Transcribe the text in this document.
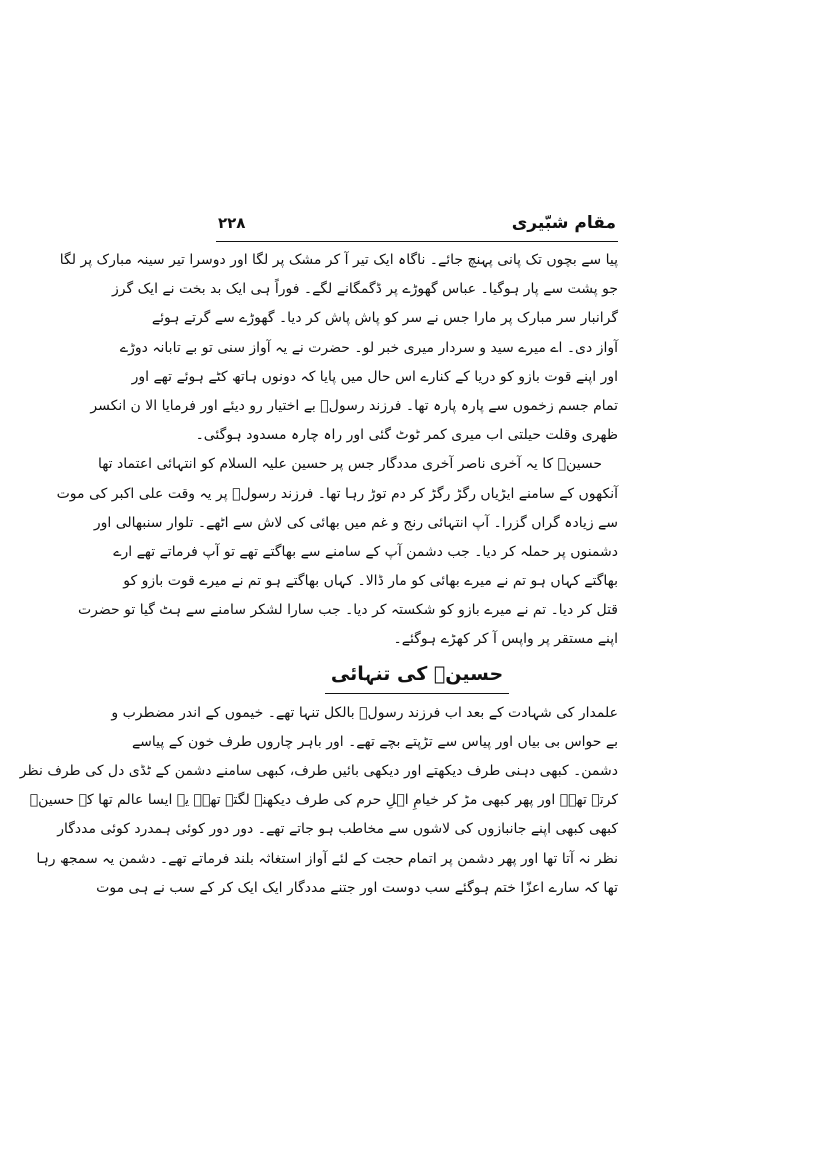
مقام شبّیری
۲۲۸
پیا سے بچوں تک پانی پہنچ جائے۔ ناگاہ ایک تیر آ کر مشک پر لگا اور دوسرا تیر سینہ مبارک پر لگا
جو پشت سے پار ہوگیا۔ عباس گھوڑے پر ڈگمگانے لگے۔ فوراً ہی ایک بد بخت نے ایک گرز
گرانبار سر مبارک پر مارا جس نے سر کو پاش پاش کر دیا۔ گھوڑے سے گرتے ہوئے
آواز دی۔ اے میرے سید و سردار میری خبر لو۔ حضرت نے یہ آواز سنی تو بے تابانہ دوڑے
اور اپنے قوت بازو کو دریا کے کنارے اس حال میں پایا کہ دونوں ہاتھ کٹے ہوئے تھے اور
تمام جسم زخموں سے پارہ پارہ تھا۔ فرزند رسولؐ بے اختیار رو دیئے اور فرمایا الا ن انکسر
ظهری وقلت حیلتی اب میری کمر ٹوٹ گئی اور راہ چارہ مسدود ہوگئی۔
حسینؑ کا یہ آخری ناصر آخری مددگار جس پر حسین علیہ السلام کو انتہائی اعتماد تھا
آنکھوں کے سامنے ایڑیاں رگڑ رگڑ کر دم توڑ رہا تھا۔ فرزند رسولؐ پر یہ وقت علی اکبر کی موت
سے زیادہ گراں گزرا۔ آپ انتہائی رنج و غم میں بھائی کی لاش سے اٹھے۔ تلوار سنبھالی اور
دشمنوں پر حملہ کر دیا۔ جب دشمن آپ کے سامنے سے بھاگتے تھے تو آپ فرماتے تھے ارے
بھاگتے کہاں ہو تم نے میرے بھائی کو مار ڈالا۔ کہاں بھاگتے ہو تم نے میرے قوت بازو کو
قتل کر دیا۔ تم نے میرے بازو کو شکستہ کر دیا۔ جب سارا لشکر سامنے سے ہٹ گیا تو حضرت
اپنے مستقر پر واپس آ کر کھڑے ہوگئے۔
حسینؑ کی تنہائی
علمدار کی شہادت کے بعد اب فرزند رسولؐ بالکل تنہا تھے۔ خیموں کے اندر مضطرب و
بے حواس بی بیاں اور پیاس سے تڑپتے بچے تھے۔ اور باہر چاروں طرف خون کے پیاسے
دشمن۔ کبھی دہنی طرف دیکھتے اور دیکھی بائیں طرف، کبھی سامنے دشمن کے ٹڈی دل کی طرف نظر
کرتے تھے۔ اور پھر کبھی مڑ کر خیامِ اہلِ حرم کی طرف دیکھنے لگتے تھے۔ یہ ایسا عالم تھا کہ حسینؑ
کبھی کبھی اپنے جانبازوں کی لاشوں سے مخاطب ہو جاتے تھے۔ دور دور کوئی ہمدرد کوئی مددگار
نظر نہ آتا تھا اور پھر دشمن پر اتمام حجت کے لئے آواز استغاثہ بلند فرماتے تھے۔ دشمن یہ سمجھ رہا
تھا کہ سارے اعزّا ختم ہوگئے سب دوست اور جتنے مددگار ایک ایک کر کے سب نے ہی موت
